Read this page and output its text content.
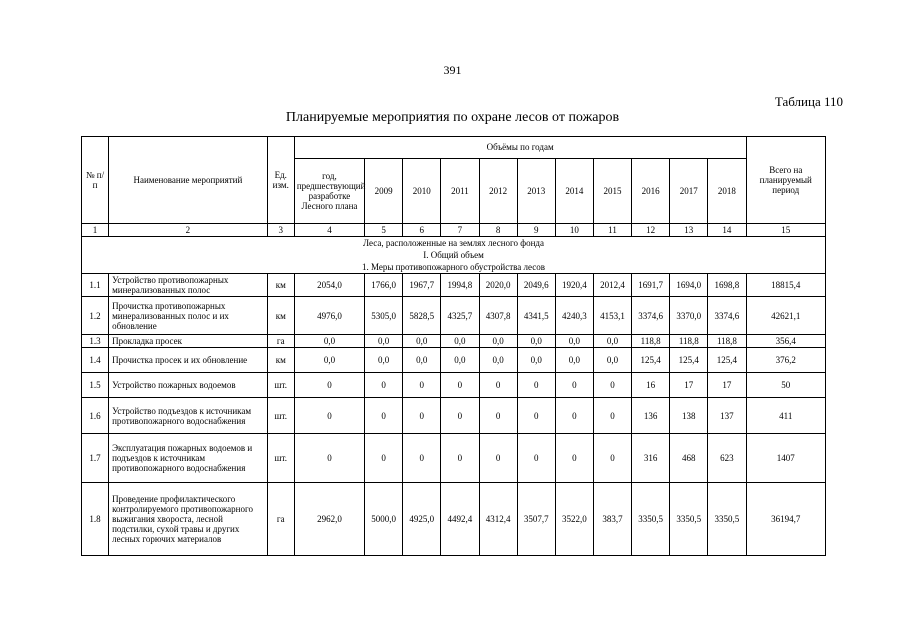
391
Таблица 110
Планируемые мероприятия по охране лесов от пожаров
№ п/п	Наименование мероприятий	Ед. изм.	Объёмы по годам											Всего на планируемый период
			год, предшествующий разработке Лесного плана	2009	2010	2011	2012	2013	2014	2015	2016	2017	2018	
1	2	3	4	5	6	7	8	9	10	11	12	13	14	15
Леса, расположенные на землях лесного фонда														
I. Общий объем														
1. Меры противопожарного обустройства лесов														
1.1	Устройство противопожарных минерализованных полос	км	2054,0	1766,0	1967,7	1994,8	2020,0	2049,6	1920,4	2012,4	1691,7	1694,0	1698,8	18815,4
1.2	Прочистка противопожарных минерализованных полос и их обновление	км	4976,0	5305,0	5828,5	4325,7	4307,8	4341,5	4240,3	4153,1	3374,6	3370,0	3374,6	42621,1
1.3	Прокладка просек	га	0,0	0,0	0,0	0,0	0,0	0,0	0,0	0,0	118,8	118,8	118,8	356,4
1.4	Прочистка просек и их обновление	км	0,0	0,0	0,0	0,0	0,0	0,0	0,0	0,0	125,4	125,4	125,4	376,2
1.5	Устройство пожарных водоемов	шт.	0	0	0	0	0	0	0	0	16	17	17	50
1.6	Устройство подъездов к источникам противопожарного водоснабжения	шт.	0	0	0	0	0	0	0	0	136	138	137	411
1.7	Эксплуатация пожарных водоемов и подъездов к источникам противопожарного водоснабжения	шт.	0	0	0	0	0	0	0	0	316	468	623	1407
1.8	Проведение профилактического контролируемого противопожарного выжигания хвороста, лесной подстилки, сухой травы и других лесных горючих материалов	га	2962,0	5000,0	4925,0	4492,4	4312,4	3507,7	3522,0	383,7	3350,5	3350,5	3350,5	36194,7
